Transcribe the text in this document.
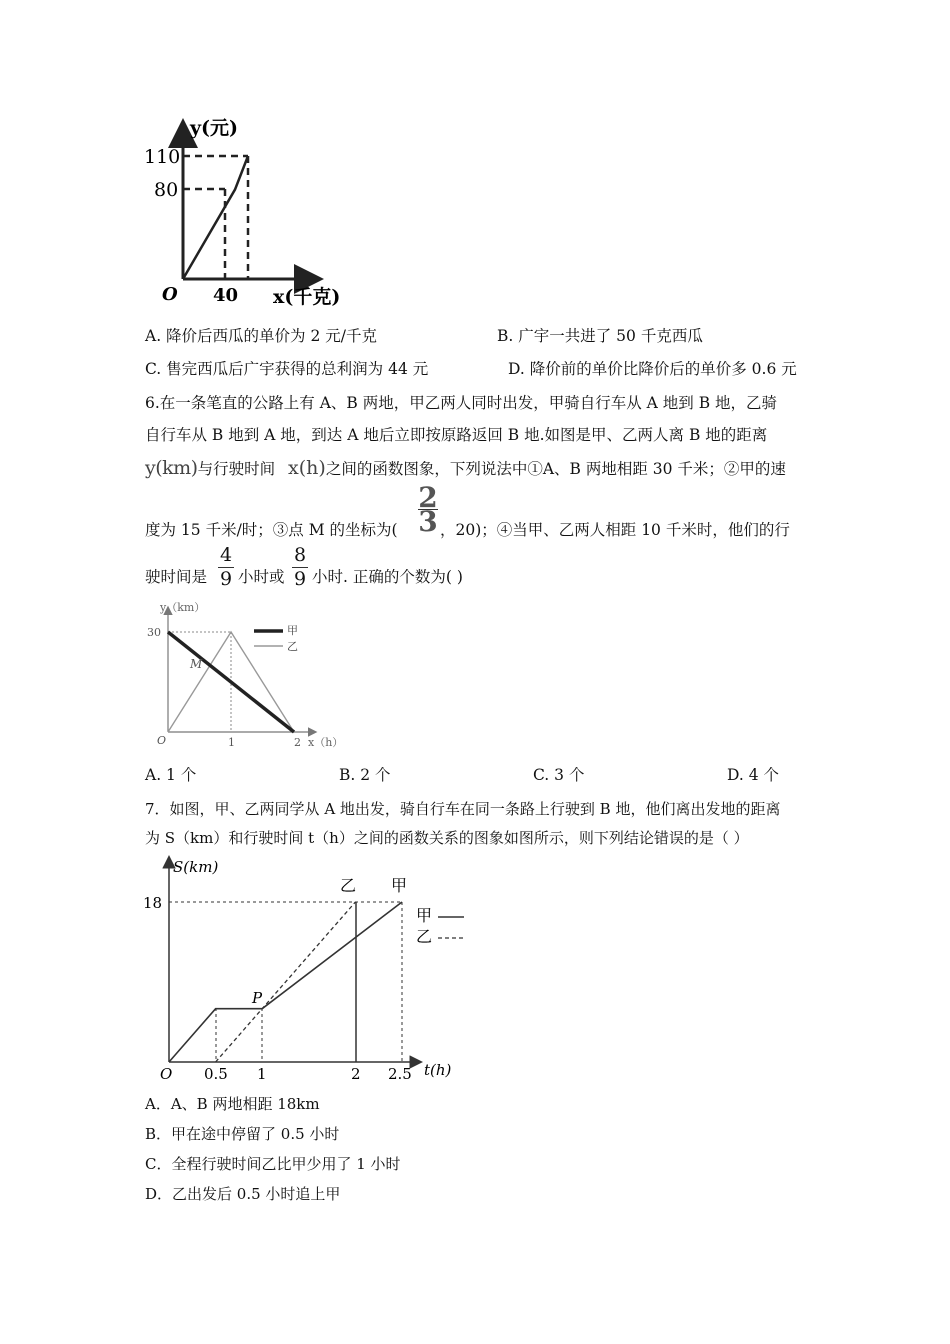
y(元)
110
80
O 40 x(千克)
A. 降价后西瓜的单价为 2 元/千克	B. 广宇一共进了 50 千克西瓜
C. 售完西瓜后广宇获得的总利润为 44 元	D. 降价前的单价比降价后的单价多 0.6 元
6.在一条笔直的公路上有 A、B 两地，甲乙两人同时出发，甲骑自行车从 A 地到 B 地，乙骑
自行车从 B 地到 A 地，到达 A 地后立即按原路返回 B 地.如图是甲、乙两人离 B 地的距离
y(km)与行驶时间 x(h)之间的函数图象，下列说法中①A、B 两地相距 30 千米；②甲的速
度为 15 千米/时；③点 M 的坐标为(
2
3 ，20)；④当甲、乙两人相距 10 千米时，他们的行
驶时间是
4
9 小时或
8
9 小时. 正确的个数为( )
y（km）
30
M
O	1	2 x（h）
甲
乙
A. 1 个	B. 2 个	C. 3 个	D. 4 个
7．如图，甲、乙两同学从 A 地出发，骑自行车在同一条路上行驶到 B 地，他们离出发地的距离
为 S（km）和行驶时间 t（h）之间的函数关系的图象如图所示，则下列结论错误的是（ ）
S(km)
18
P
O 0.5 1	2 2.5 t(h)
乙 甲
甲
乙
A．A、B 两地相距 18km
B．甲在途中停留了 0.5 小时
C．全程行驶时间乙比甲少用了 1 小时
D．乙出发后 0.5 小时追上甲
